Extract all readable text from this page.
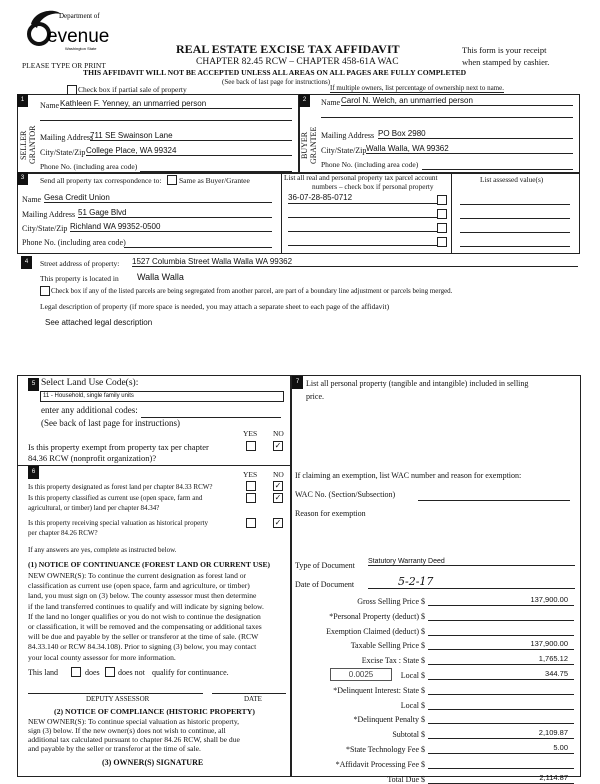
Department of
evenue
Washington State
PLEASE TYPE OR PRINT
REAL ESTATE EXCISE TAX AFFIDAVIT
CHAPTER 82.45 RCW – CHAPTER 458-61A WAC
This form is your receipt
when stamped by cashier.
THIS AFFIDAVIT WILL NOT BE ACCEPTED UNLESS ALL AREAS ON ALL PAGES ARE FULLY COMPLETED
(See back of last page for instructions)
Check box if partial sale of property	If multiple owners, list percentage of ownership next to name.
1	2
SELLER GRANTOR	BUYER GRANTEE
Name Kathleen F. Yenney, an unmarried person
Mailing Address
711 SE Swainson Lane
City/State/Zip College Place, WA 99324
Phone No. (including area code)
Name Carol N. Welch, an unmarried person
Mailing Address PO Box 2980
City/State/Zip Walla Walla, WA 99362
Phone No. (including area code)
3	Send all property tax correspondence to: Same as Buyer/Grantee
Name Gesa Credit Union
Mailing Address 51 Gage Blvd
City/State/Zip Richland WA 99352-0500
Phone No. (including area code)
List all real and personal property tax parcel account
numbers – check box if personal property
List assessed value(s)
36-07-28-85-0712
4	Street address of property: 1527 Columbia Street Walla Walla WA 99362
This property is located in Walla Walla
Check box if any of the listed parcels are being segregated from another parcel, are part of a boundary line adjustment or parcels being merged.
Legal description of property (if more space is needed, you may attach a separate sheet to each page of the affidavit)
See attached legal description
5 Select Land Use Code(s):
11 - Household, single family units
enter any additional codes:
(See back of last page for instructions)
YES NO
Is this property exempt from property tax per chapter
84.36 RCW (nonprofit organization)?
✓
6	YES NO
Is this property designated as forest land per chapter 84.33 RCW?	✓
Is this property classified as current use (open space, farm and
agricultural, or timber) land per chapter 84.34?
✓
Is this property receiving special valuation as historical property
per chapter 84.26 RCW?
✓
If any answers are yes, complete as instructed below.
(1) NOTICE OF CONTINUANCE (FOREST LAND OR CURRENT USE)
NEW OWNER(S): To continue the current designation as forest land or
classification as current use (open space, farm and agriculture, or timber)
land, you must sign on (3) below. The county assessor must then determine
if the land transferred continues to qualify and will indicate by signing below.
If the land no longer qualifies or you do not wish to continue the designation
or classification, it will be removed and the compensating or additional taxes
will be due and payable by the seller or transferor at the time of sale. (RCW
84.33.140 or RCW 84.34.108). Prior to signing (3) below, you may contact
your local county assessor for more information.
This land	does does not qualify for continuance.
DEPUTY ASSESSOR	DATE
(2) NOTICE OF COMPLIANCE (HISTORIC PROPERTY)
NEW OWNER(S): To continue special valuation as historic property,
sign (3) below. If the new owner(s) does not wish to continue, all
additional tax calculated pursuant to chapter 84.26 RCW, shall be due
and payable by the seller or transferor at the time of sale.
(3) OWNER(S) SIGNATURE
7 List all personal property (tangible and intangible) included in selling
price.
If claiming an exemption, list WAC number and reason for exemption:
WAC No. (Section/Subsection)
Reason for exemption
Type of Document Statutory Warranty Deed
Date of Document	5-2-17
0.0025
Gross Selling Price $	137,900.00
*Personal Property (deduct) $
Exemption Claimed (deduct) $
Taxable Selling Price $	137,900.00
Excise Tax : State $	1,765.12
Local $	344.75
*Delinquent Interest: State $
Local $
*Delinquent Penalty $
Subtotal $	2,109.87
*State Technology Fee $	5.00
*Affidavit Processing Fee $
Total Due $	2,114.87
